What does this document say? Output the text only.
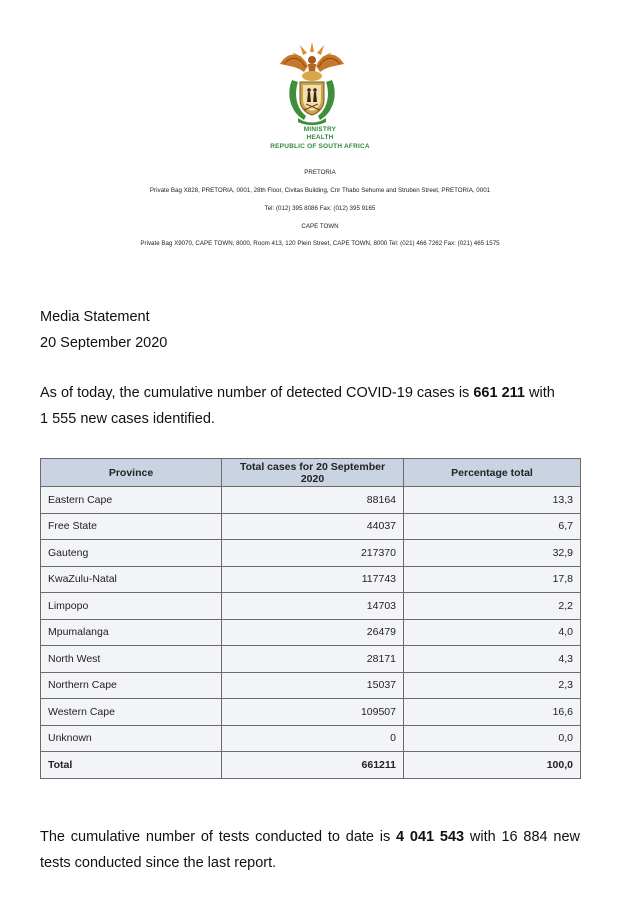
MINISTRY
HEALTH
REPUBLIC OF SOUTH AFRICA
PRETORIA
Private Bag X828, PRETORIA, 0001, 28th Floor, Civitas Building, Cnr Thabo Sehume and Struben Street, PRETORIA, 0001
Tel: (012) 395 8086 Fax: (012) 395 9165
CAPE TOWN
Private Bag X9070, CAPE TOWN, 8000, Room 413, 120 Plein Street, CAPE TOWN, 8000 Tel: (021) 466 7262 Fax: (021) 465 1575
Media Statement
20 September 2020
As of today, the cumulative number of detected COVID-19 cases is 661 211 with
1 555 new cases identified.
Province	Total cases for 20 September 2020	Percentage total
Eastern Cape	88164	13,3
Free State	44037	6,7
Gauteng	217370	32,9
KwaZulu-Natal	117743	17,8
Limpopo	14703	2,2
Mpumalanga	26479	4,0
North West	28171	4,3
Northern Cape	15037	2,3
Western Cape	109507	16,6
Unknown	0	0,0
Total	661211	100,0
The cumulative number of tests conducted to date is 4 041 543 with 16 884 new tests conducted since the last report.
